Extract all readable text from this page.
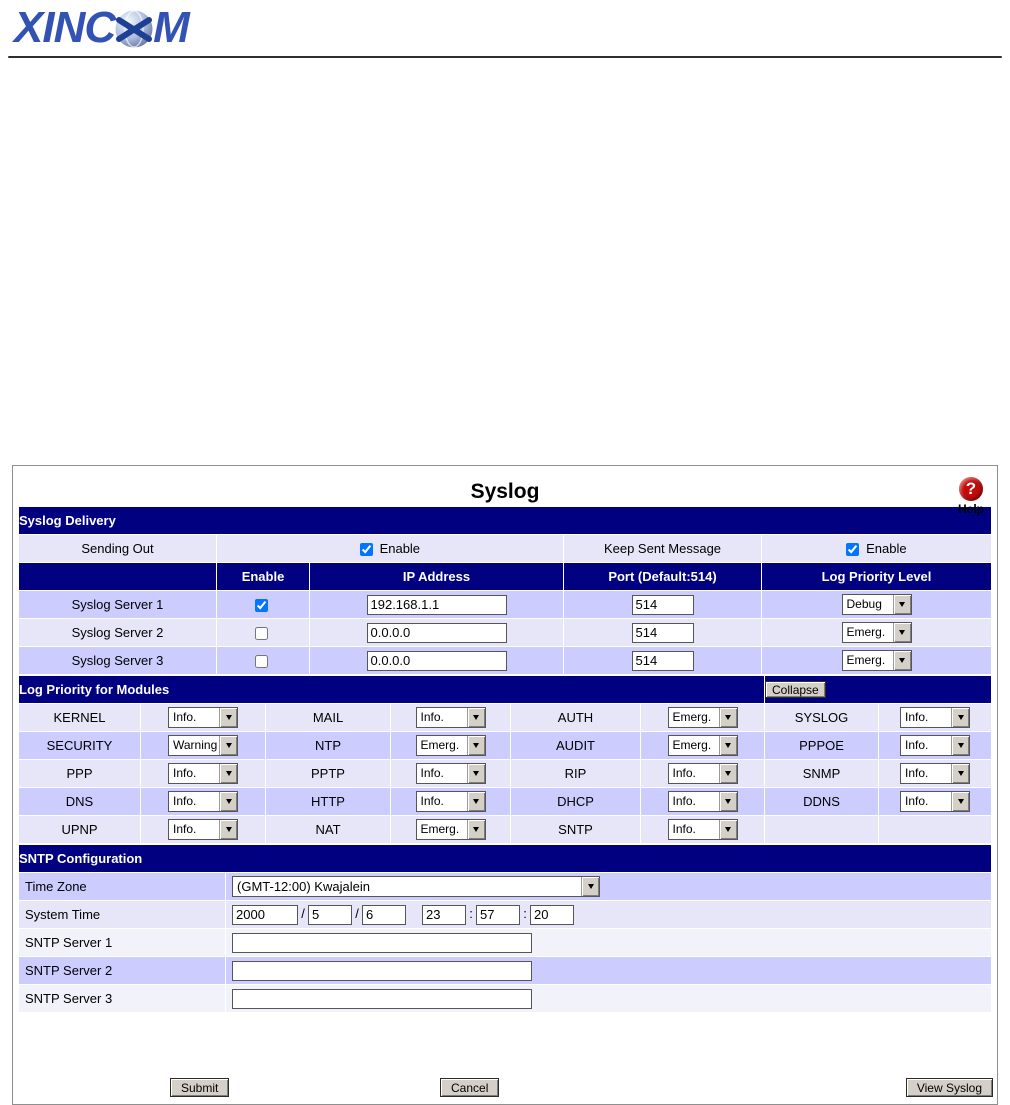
XINC M
Syslog	?
Help
Syslog Delivery				
Sending Out	Enable		Keep Sent Message	Enable
	Enable	IP Address	Port (Default:514)	Log Priority Level
Syslog Server 1		192.168.1.1	514	Debug

Syslog Server 2		0.0.0.0	514	Emerg.

Syslog Server 3		0.0.0.0	514	Emerg.
Log Priority for Modules						Collapse	
KERNEL	Info.	MAIL	Info.	AUTH	Emerg.	SYSLOG	Info.

SECURITY	Warning	NTP	Emerg.	AUDIT	Emerg.	PPPOE	Info.

PPP	Info.	PPTP	Info.	RIP	Info.	SNMP	Info.

DNS	Info.	HTTP	Info.	DHCP	Info.	DDNS	Info.

UPNP	Info.	NAT	Emerg.	SNTP	Info.		

SNTP Configuration	
Time Zone	(GMT-12:00) Kwajalein

System Time	2000/5 /623 :57 :20
SNTP Server 1	
SNTP Server 2	
SNTP Server 3	
Submit	Cancel	View Syslog
